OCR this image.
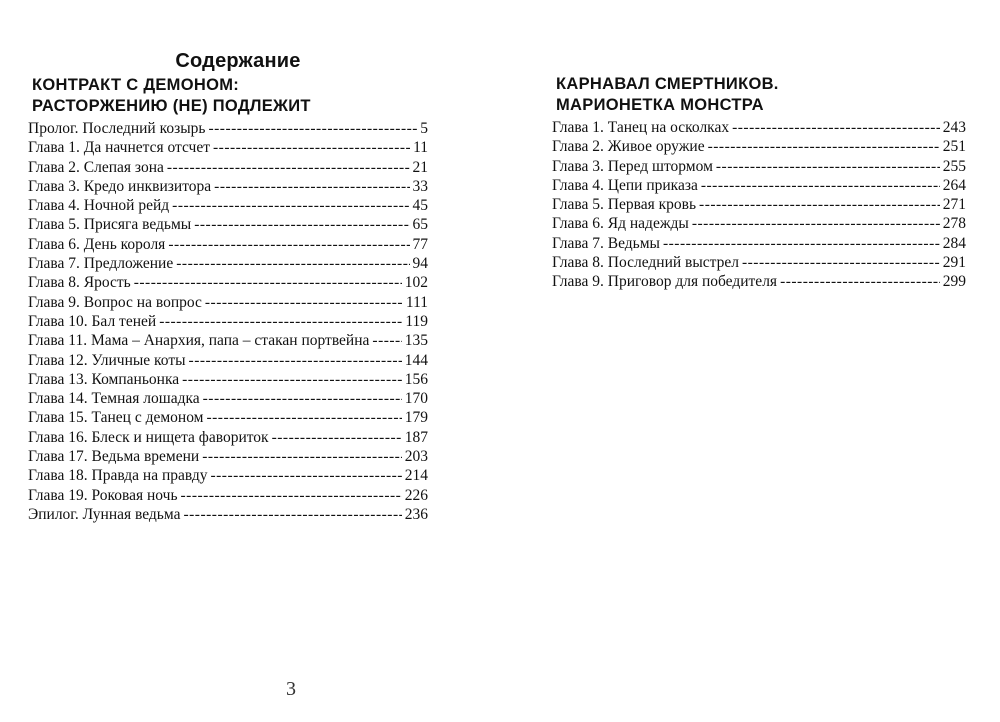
Содержание
КОНТРАКТ С ДЕМОНОМ:
РАСТОРЖЕНИЮ (НЕ) ПОДЛЕЖИТ
Пролог. Последний козырь -----	5
Глава 1. Да начнется отсчет -----	11
Глава 2. Слепая зона -----	21
Глава 3. Кредо инквизитора -----	33
Глава 4. Ночной рейд -----	45
Глава 5. Присяга ведьмы -----	65
Глава 6. День короля -----	77
Глава 7. Предложение -----	94
Глава 8. Ярость -----	102
Глава 9. Вопрос на вопрос -----	111
Глава 10. Бал теней -----	119
Глава 11. Мама – Анархия, папа – стакан портвейна ----- 135
Глава 12. Уличные коты -----	144
Глава 13. Компаньонка -----	156
Глава 14. Темная лошадка -----	170
Глава 15. Танец с демоном -----	179
Глава 16. Блеск и нищета фавориток -----	187
Глава 17. Ведьма времени -----	203
Глава 18. Правда на правду -----	214
Глава 19. Роковая ночь -----	226
Эпилог. Лунная ведьма -----	236
КАРНАВАЛ СМЕРТНИКОВ.
МАРИОНЕТКА МОНСТРА
Глава 1. Танец на осколках -----	243
Глава 2. Живое оружие -----	251
Глава 3. Перед штормом -----	255
Глава 4. Цепи приказа -----	264
Глава 5. Первая кровь -----	271
Глава 6. Яд надежды -----	278
Глава 7. Ведьмы -----	284
Глава 8. Последний выстрел -----	291
Глава 9. Приговор для победителя -----	299
3
